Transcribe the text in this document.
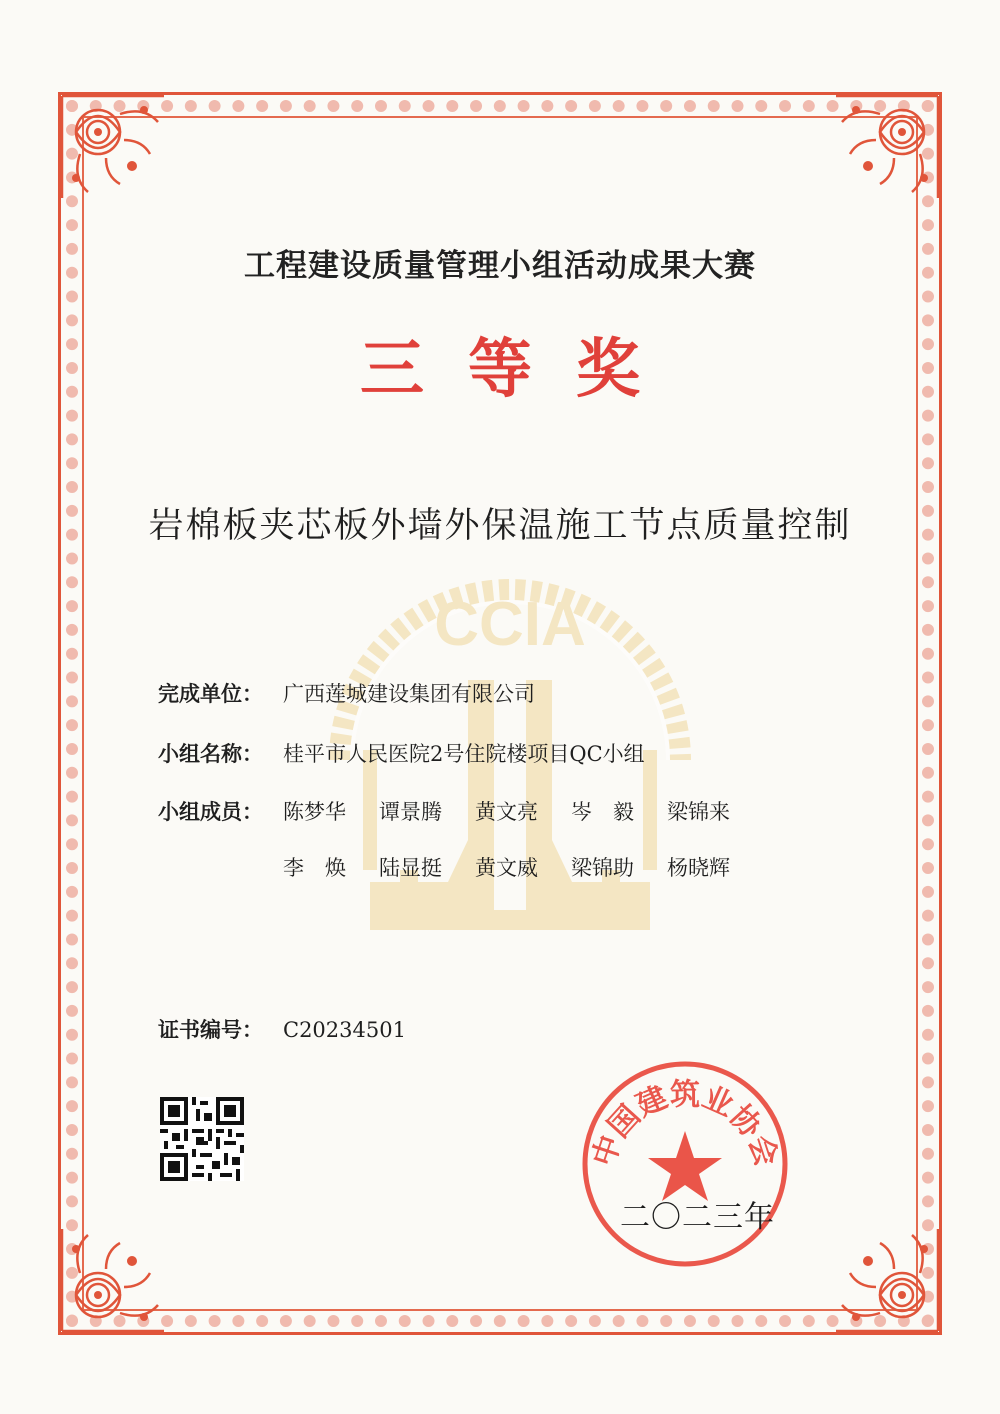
CCIA
工程建设质量管理小组活动成果大赛
三等奖
岩棉板夹芯板外墙外保温施工节点质量控制
完成单位： 广西莲城建设集团有限公司
小组名称： 桂平市人民医院2号住院楼项目QC小组
小组成员： 陈梦华	谭景腾	黄文亮	岑　毅	梁锦来
李　焕	陆显挺	黄文威	梁锦助	杨晓辉
证书编号： C20234501
中国建筑业协会
二〇二三年
